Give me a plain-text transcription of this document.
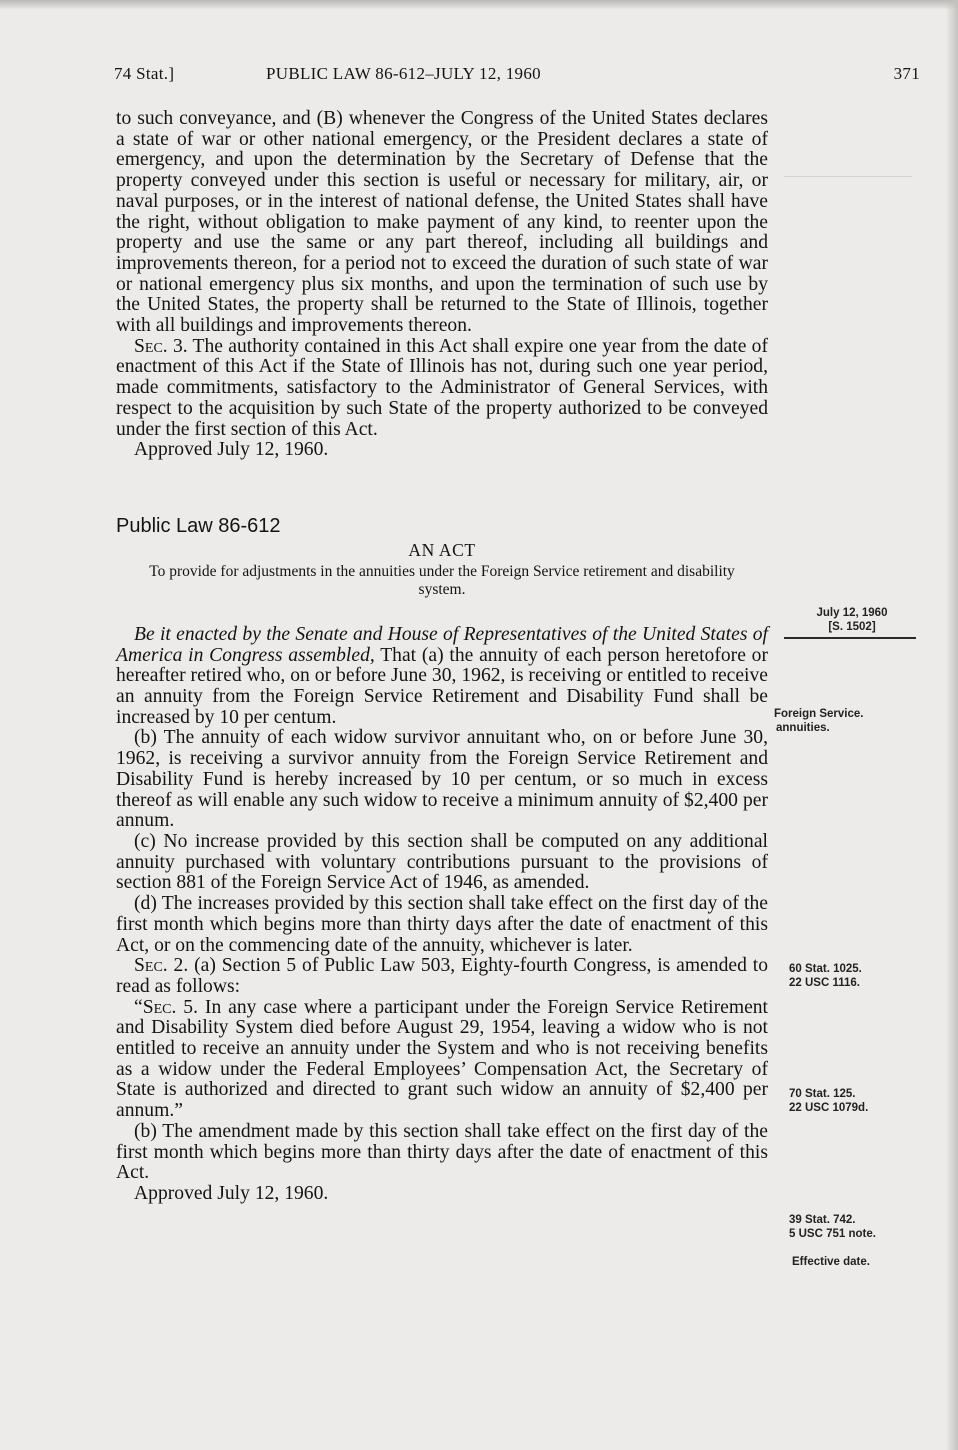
74 Stat.]	PUBLIC LAW 86-612–JULY 12, 1960	371

to such conveyance, and (B) whenever the Congress of the United States declares a state of war or other national emergency, or the President declares a state of emergency, and upon the determination by the Secretary of Defense that the property conveyed under this section is useful or necessary for military, air, or naval purposes, or in the interest of national defense, the United States shall have the right, without obligation to make payment of any kind, to reenter upon the property and use the same or any part thereof, including all buildings and improvements thereon, for a period not to exceed the duration of such state of war or national emergency plus six months, and upon the termination of such use by the United States, the property shall be returned to the State of Illinois, together with all buildings and improvements thereon.

Sec. 3. The authority contained in this Act shall expire one year from the date of enactment of this Act if the State of Illinois has not, during such one year period, made commitments, satisfactory to the Administrator of General Services, with respect to the acquisition by such State of the property authorized to be conveyed under the first section of this Act.

Approved July 12, 1960.

Public Law 86-612
AN ACT
To provide for adjustments in the annuities under the Foreign Service retirement and disability system.

Be it enacted by the Senate and House of Representatives of the United States of America in Congress assembled, That (a) the annuity of each person heretofore or hereafter retired who, on or before June 30, 1962, is receiving or entitled to receive an annuity from the Foreign Service Retirement and Disability Fund shall be increased by 10 per centum.

(b) The annuity of each widow survivor annuitant who, on or before June 30, 1962, is receiving a survivor annuity from the Foreign Service Retirement and Disability Fund is hereby increased by 10 per centum, or so much in excess thereof as will enable any such widow to receive a minimum annuity of $2,400 per annum.

(c) No increase provided by this section shall be computed on any additional annuity purchased with voluntary contributions pursuant to the provisions of section 881 of the Foreign Service Act of 1946, as amended.

(d) The increases provided by this section shall take effect on the first day of the first month which begins more than thirty days after the date of enactment of this Act, or on the commencing date of the annuity, whichever is later.

Sec. 2. (a) Section 5 of Public Law 503, Eighty-fourth Congress, is amended to read as follows:

“Sec. 5. In any case where a participant under the Foreign Service Retirement and Disability System died before August 29, 1954, leaving a widow who is not entitled to receive an annuity under the System and who is not receiving benefits as a widow under the Federal Employees’ Compensation Act, the Secretary of State is authorized and directed to grant such widow an annuity of $2,400 per annum.”

(b) The amendment made by this section shall take effect on the first day of the first month which begins more than thirty days after the date of enactment of this Act.

Approved July 12, 1960.

July 12, 1960
[S. 1502]
Foreign Service.
annuities.
60 Stat. 1025.
22 USC 1116.
70 Stat. 125.
22 USC 1079d.
39 Stat. 742.
5 USC 751 note.
Effective date.
